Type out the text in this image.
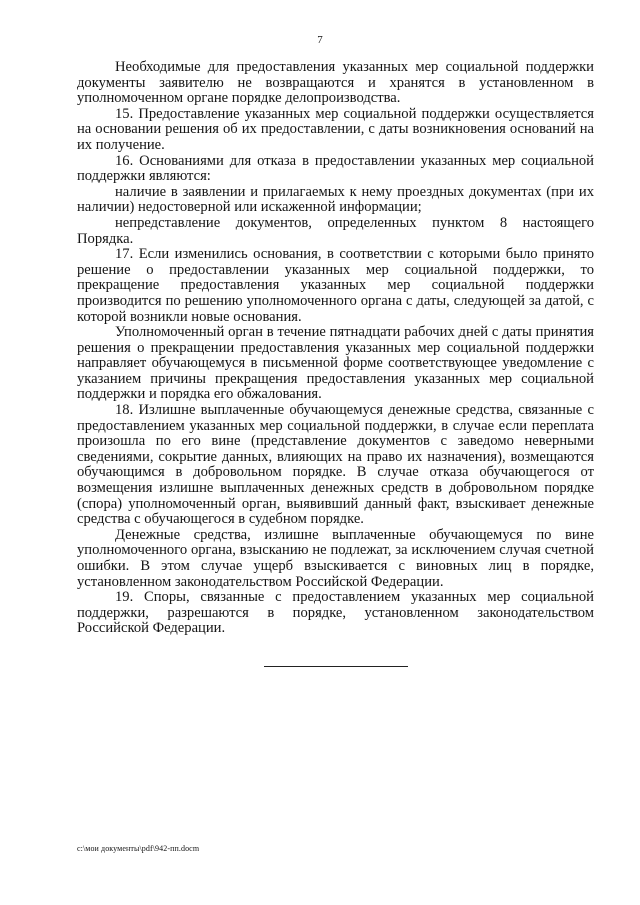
7

Необходимые для предоставления указанных мер социальной поддержки документы заявителю не возвращаются и хранятся в установленном в уполномоченном органе порядке делопроизводства.

15. Предоставление указанных мер социальной поддержки осуществляется на основании решения об их предоставлении, с даты возникновения оснований на их получение.

16. Основаниями для отказа в предоставлении указанных мер социальной поддержки являются:

наличие в заявлении и прилагаемых к нему проездных документах (при их наличии) недостоверной или искаженной информации;

непредставление документов, определенных пунктом 8 настоящего Порядка.

17. Если изменились основания, в соответствии с которыми было принято решение о предоставлении указанных мер социальной поддержки, то прекращение предоставления указанных мер социальной поддержки производится по решению уполномоченного органа с даты, следующей за датой, с которой возникли новые основания.

Уполномоченный орган в течение пятнадцати рабочих дней с даты принятия решения о прекращении предоставления указанных мер социальной поддержки направляет обучающемуся в письменной форме соответствующее уведомление с указанием причины прекращения предоставления указанных мер социальной поддержки и порядка его обжалования.

18. Излишне выплаченные обучающемуся денежные средства, связанные с предоставлением указанных мер социальной поддержки, в случае если переплата произошла по его вине (представление документов с заведомо неверными сведениями, сокрытие данных, влияющих на право их назначения), возмещаются обучающимся в добровольном порядке. В случае отказа обучающегося от возмещения излишне выплаченных денежных средств в добровольном порядке (спора) уполномоченный орган, выявивший данный факт, взыскивает денежные средства с обучающегося в судебном порядке.

Денежные средства, излишне выплаченные обучающемуся по вине уполномоченного органа, взысканию не подлежат, за исключением случая счетной ошибки. В этом случае ущерб взыскивается с виновных лиц в порядке, установленном законодательством Российской Федерации.

19. Споры, связанные с предоставлением указанных мер социальной поддержки, разрешаются в порядке, установленном законодательством Российской Федерации.

c:\мои документы\pdf\942-пп.docm
